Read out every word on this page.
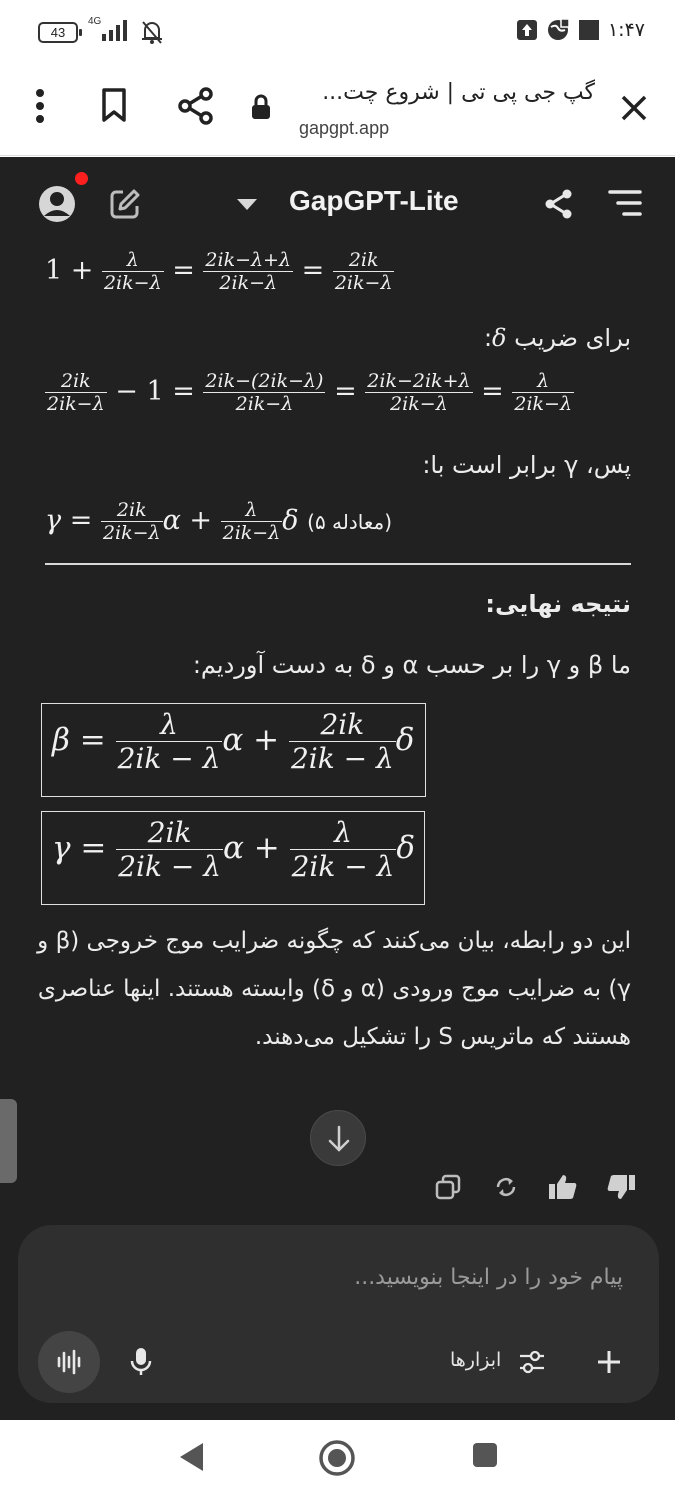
43
4G	۱:۴۷
گپ جی پی تی | شروع چت...
gapgpt.app
GapGPT-Lite
$1 + \frac{\lambda}{2ik-\lambda} = \frac{2ik-\lambda+\lambda}{2ik-\lambda} = \frac{2ik}{2ik-\lambda}$
برای ضریب δ:
$\frac{2ik}{2ik-\lambda} - 1 = \frac{2ik-(2ik-\lambda)}{2ik-\lambda} = \frac{2ik-2ik+\lambda}{2ik-\lambda} = \frac{\lambda}{2ik-\lambda}$
پس، γ برابر است با:
$\gamma = \frac{2ik}{2ik-\lambda}$ $\alpha + \frac{\lambda}{2ik-\lambda}$ δ (معادله ۵)
نتیجه نهایی:
ما β و γ را بر حسب α و δ به دست آوردیم:
$\beta = \frac{\lambda}{2ik - \lambda}$ $\alpha + \frac{2ik}{2ik - \lambda}$ δ
$\gamma = \frac{2ik}{2ik - \lambda}$ $\alpha + \frac{\lambda}{2ik - \lambda}$ δ
این دو رابطه، بیان می‌کنند که چگونه ضرایب موج خروجی (β و γ) به ضرایب موج ورودی (α و δ) وابسته هستند. اینها عناصری هستند که ماتریس S را تشکیل می‌دهند.
پیام خود را در اینجا بنویسید...
ابزارها
